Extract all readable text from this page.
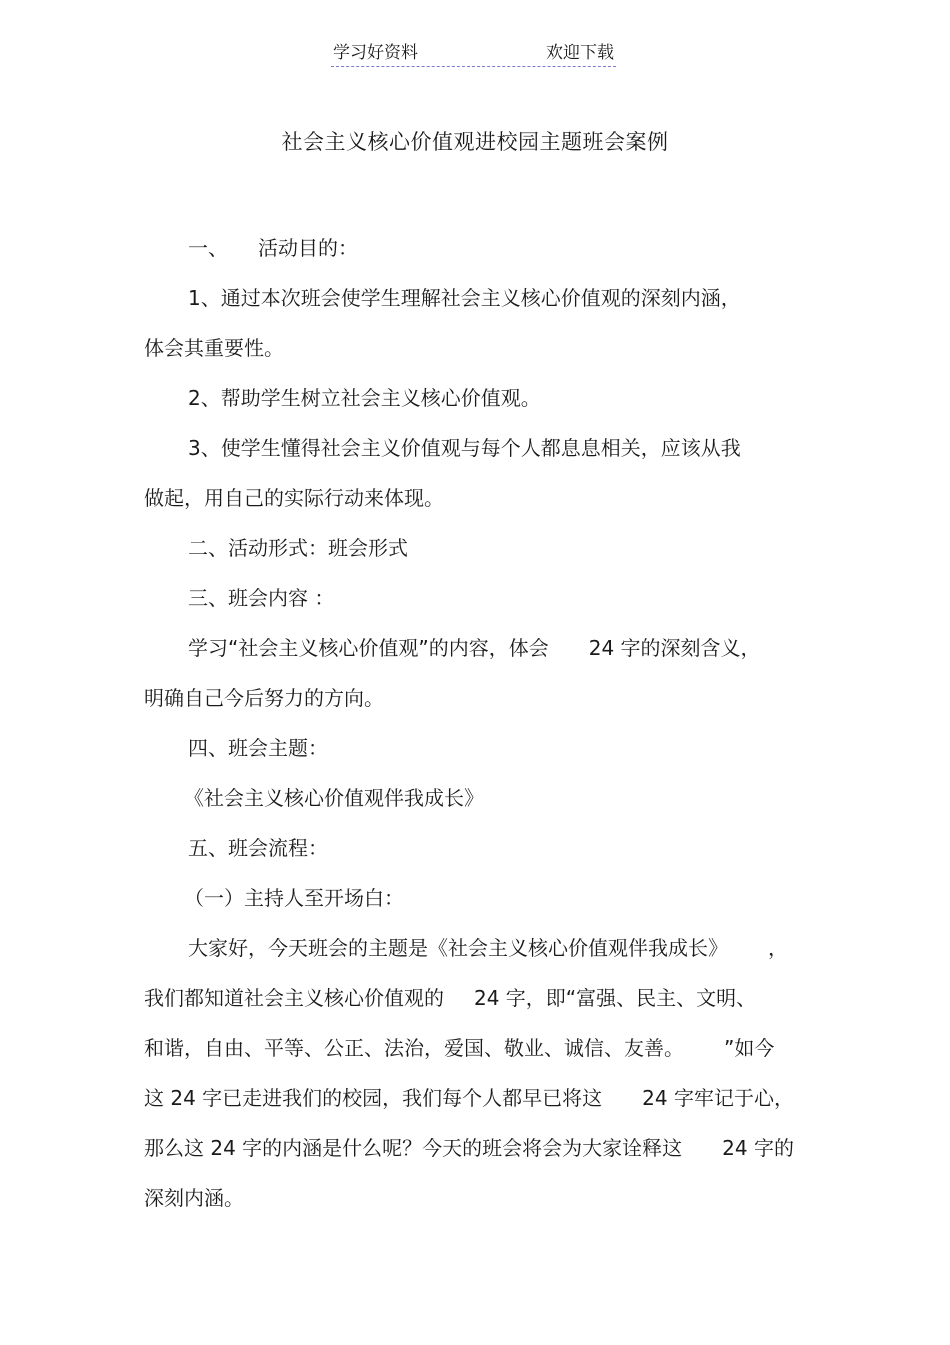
学习好资料	欢迎下载
社会主义核心价值观进校园主题班会案例
一、 活动目的：
1、通过本次班会使学生理解社会主义核心价值观的深刻内涵，
体会其重要性。
2、帮助学生树立社会主义核心价值观。
3、使学生懂得社会主义价值观与每个人都息息相关，应该从我
做起，用自己的实际行动来体现。
二、活动形式：班会形式
三、班会内容 ：
学习“社会主义核心价值观”的内容，体会 24 字的深刻含义，
明确自己今后努力的方向。
四、班会主题：
《社会主义核心价值观伴我成长》
五、班会流程：
（一）主持人至开场白：
大家好，今天班会的主题是《社会主义核心价值观伴我成长》 ，
我们都知道社会主义核心价值观的 24 字，即“富强、民主、文明、
和谐，自由、平等、公正、法治，爱国、敬业、诚信、友善。 ”如今
这 24 字已走进我们的校园，我们每个人都早已将这 24 字牢记于心，
那么这 24 字的内涵是什么呢？今天的班会将会为大家诠释这 24 字的
深刻内涵。
